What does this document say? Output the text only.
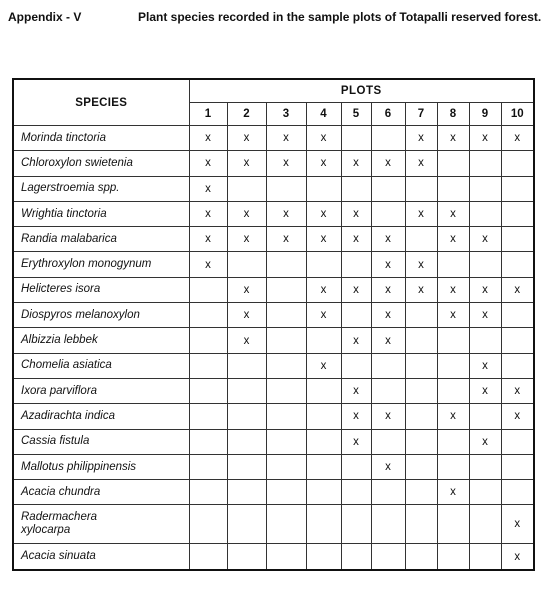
Appendix - V	Plant species recorded in the sample plots of Totapalli reserved forest.
SPECIES	PLOTS									
	1	2	3	4	5	6	7	8	9	10
Morinda tinctoria	x	x	x	x			x	x	x	x
Chloroxylon swietenia	x	x	x	x	x	x	x			
Lagerstroemia spp.	x									
Wrightia tinctoria	x	x	x	x	x		x	x		
Randia malabarica	x	x	x	x	x	x		x	x	
Erythroxylon monogynum	x					x	x			
Helicteres isora		x		x	x	x	x	x	x	x
Diospyros melanoxylon		x		x		x		x	x	
Albizzia lebbek		x			x	x				
Chomelia asiatica				x					x	
Ixora parviflora					x				x	x
Azadirachta indica					x	x		x		x
Cassia fistula					x				x	
Mallotus philippinensis						x				
Acacia chundra								x		
Radermachera xylocarpa										x
Acacia sinuata										x
